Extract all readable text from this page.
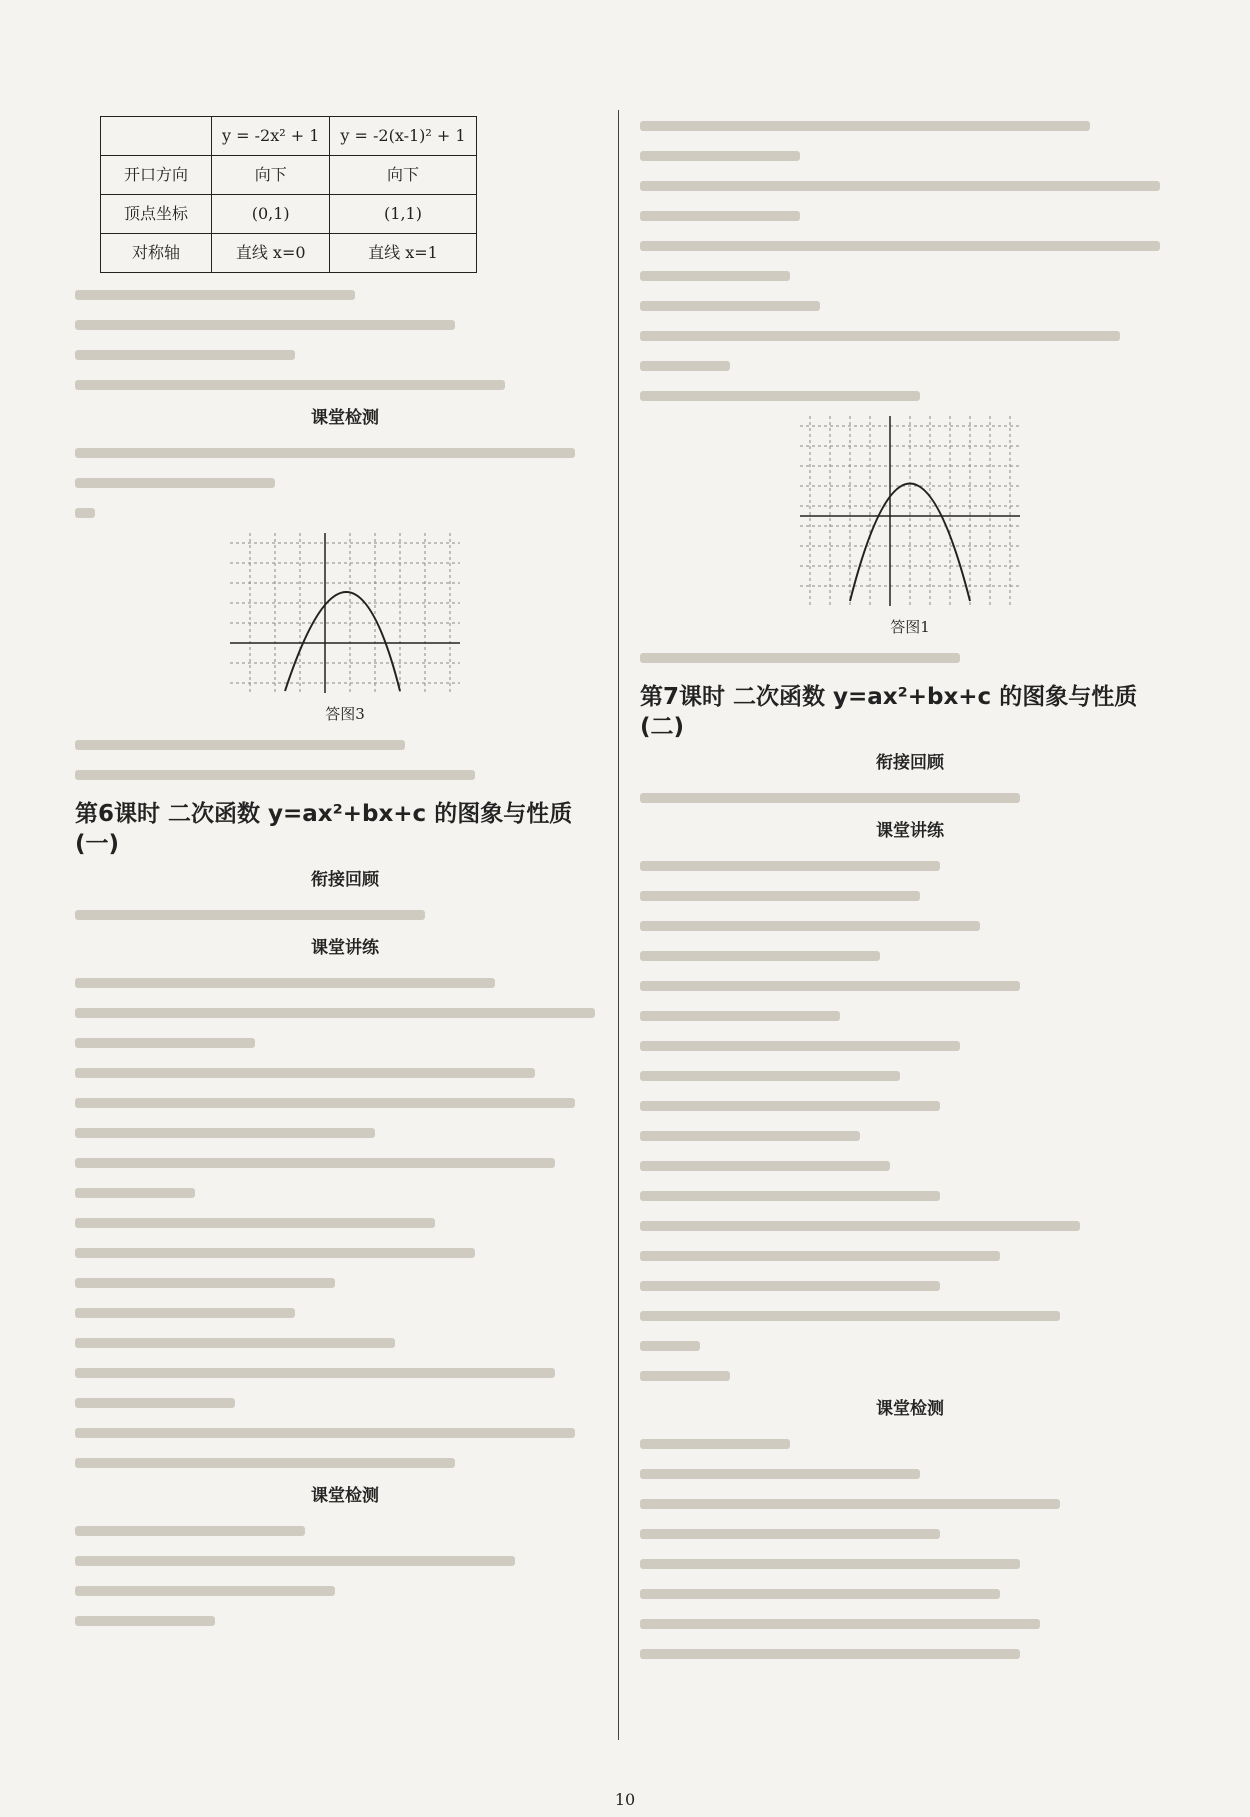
	y = -2x² + 1	y = -2(x-1)² + 1
开口方向	向下	向下
顶点坐标	(0,1)	(1,1)
对称轴	直线 x=0	直线 x=1
课堂检测
答图3
第6课时 二次函数 y=ax²+bx+c 的图象与性质(一)
衔接回顾
课堂讲练
课堂检测
答图1
第7课时 二次函数 y=ax²+bx+c 的图象与性质(二)
衔接回顾
课堂讲练
课堂检测
10
